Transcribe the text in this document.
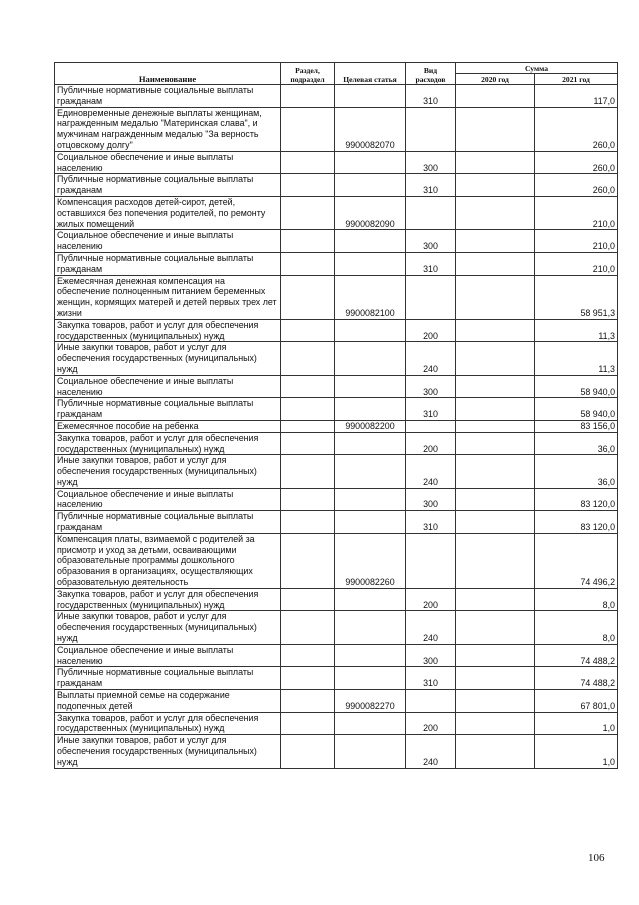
Наименование	Раздел, подраздел	Целевая статья	Вид расходов	Сумма	
				2020 год	2021 год
Публичные нормативные социальные выплаты гражданам			310		117,0
Единовременные денежные выплаты женщинам, награжденным медалью "Материнская слава", и мужчинам награжденным медалью "За верность отцовскому долгу"		9900082070			260,0
Социальное обеспечение и иные выплаты населению			300		260,0
Публичные нормативные социальные выплаты гражданам			310		260,0
Компенсация расходов детей-сирот, детей, оставшихся без попечения родителей, по ремонту жилых помещений		9900082090			210,0
Социальное обеспечение и иные выплаты населению			300		210,0
Публичные нормативные социальные выплаты гражданам			310		210,0
Ежемесячная денежная компенсация на обеспечение полноценным питанием беременных женщин, кормящих матерей и детей первых трех лет жизни		9900082100			58 951,3
Закупка товаров, работ и услуг для обеспечения государственных (муниципальных) нужд			200		11,3
Иные закупки товаров, работ и услуг для обеспечения государственных (муниципальных) нужд			240		11,3
Социальное обеспечение и иные выплаты населению			300		58 940,0
Публичные нормативные социальные выплаты гражданам			310		58 940,0
Ежемесячное пособие на ребенка		9900082200			83 156,0
Закупка товаров, работ и услуг для обеспечения государственных (муниципальных) нужд			200		36,0
Иные закупки товаров, работ и услуг для обеспечения государственных (муниципальных) нужд			240		36,0
Социальное обеспечение и иные выплаты населению			300		83 120,0
Публичные нормативные социальные выплаты гражданам			310		83 120,0
Компенсация платы, взимаемой с родителей за присмотр и уход за детьми, осваивающими образовательные программы дошкольного образования в организациях, осуществляющих образовательную деятельность		9900082260			74 496,2
Закупка товаров, работ и услуг для обеспечения государственных (муниципальных) нужд			200		8,0
Иные закупки товаров, работ и услуг для обеспечения государственных (муниципальных) нужд			240		8,0
Социальное обеспечение и иные выплаты населению			300		74 488,2
Публичные нормативные социальные выплаты гражданам			310		74 488,2
Выплаты приемной семье на содержание подопечных детей		9900082270			67 801,0
Закупка товаров, работ и услуг для обеспечения государственных (муниципальных) нужд			200		1,0
Иные закупки товаров, работ и услуг для обеспечения государственных (муниципальных) нужд			240		1,0
106
